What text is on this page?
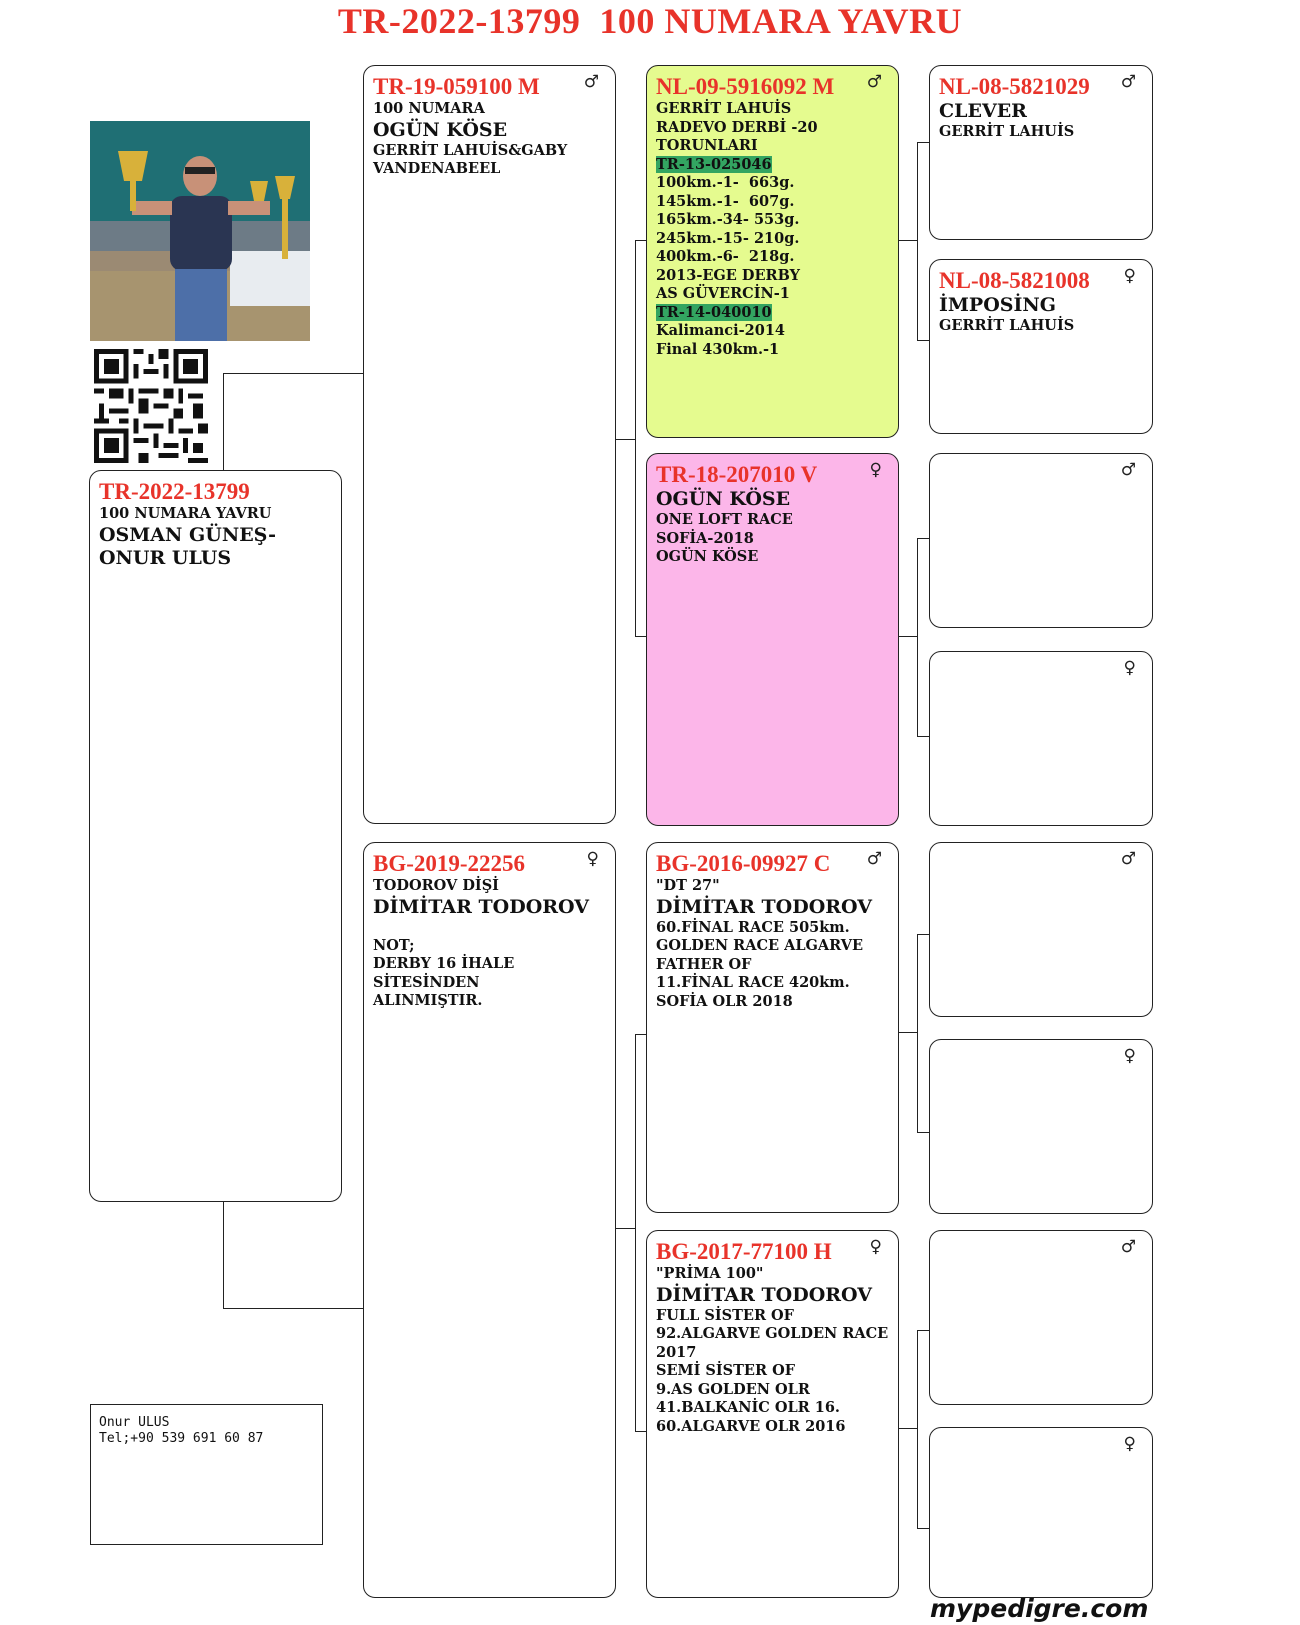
TR-2022-13799  100 NUMARA YAVRU
TR-2022-13799
100 NUMARA YAVRU
OSMAN GÜNEŞ-ONUR ULUS
♂
TR-19-059100 M
100 NUMARA
OGÜN KÖSE
GERRİT LAHUİS&GABY
VANDENABEEL
♀
BG-2019-22256
TODOROV DİŞİ
DİMİTAR TODOROV
NOT;
DERBY 16 İHALE
SİTESİNDEN
ALINMIŞTIR.
♂
NL-09-5916092 M
GERRİT LAHUİS
RADEVO DERBİ -20
TORUNLARI
TR-13-025046
100km.-1-  663g.
145km.-1-  607g.
165km.-34- 553g.
245km.-15- 210g.
400km.-6-  218g.
2013-EGE DERBY
AS GÜVERCİN-1
TR-14-040010
Kalimanci-2014
Final 430km.-1
♀
TR-18-207010 V
OGÜN KÖSE
ONE LOFT RACE
SOFİA-2018
OGÜN KÖSE
♂
BG-2016-09927 C
"DT 27"
DİMİTAR TODOROV
60.FİNAL RACE 505km.
GOLDEN RACE ALGARVE
FATHER OF
11.FİNAL RACE 420km.
SOFİA OLR 2018
♀
BG-2017-77100 H
"PRİMA 100"
DİMİTAR TODOROV
FULL SİSTER OF
92.ALGARVE GOLDEN RACE
2017
SEMİ SİSTER OF
9.AS GOLDEN OLR
41.BALKANİC OLR 16.
60.ALGARVE OLR 2016
♂
NL-08-5821029
CLEVER
GERRİT LAHUİS
♀
NL-08-5821008
İMPOSİNG
GERRİT LAHUİS
♂
♀
♂
♀
♂
♀
Onur ULUS
Tel;+90 539 691 60 87
mypedigre.com
